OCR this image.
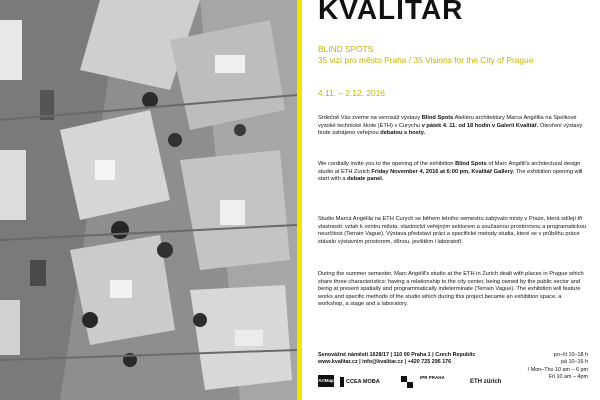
KVALITAR
BLIND SPOTS
35 vizí pro město Praha / 35 Visions for the City of Prague
4.11. – 2.12. 2016
Srdečně Vás zveme na vernisáž výstavy Blind Spots Ateliéru architektury Marca Angélila na Spolkové vysoké technické škole (ETH) v Curychu v pátek 4. 11. od 18 hodin v Galerii Kvalitář. Otevření výstavy bude zahájeno veřejnou debatou s hosty.
We cordially invite you to the opening of the exhibition Blind Spots of Marc Angélil's architectural design studio at ETH Zurich Friday November 4, 2016 at 6:00 pm, Kvalitář Gallery. The exhibition opening will start with a debate panel.
Studio Marca Angélila na ETH Curych se během letního semestru zabývalo místy v Praze, která sdílejí tři vlastnosti: vztah k centru města, vlastnictví veřejným sektorem a současnou prostorovou a programatickou neurčitost (Terrain Vague). Výstava představí práci a specifické metody studia, které se v průběhu práce stávalo výstavním prostorem, dílnou, jevištěm i laboratoří.
During the summer semester, Marc Angélil's studio at the ETH in Zurich dealt with places in Prague which share three characteristics: having a relationship to the city center, being owned by the public sector and being at present spatially and programmatically indeterminate (Terrain Vague). The exhibition will feature works and specific methods of the studio which during this project became an exhibition space, a workshop, a stage and a laboratory.
Senovážné náměstí 1628/17 | 110 00 Praha 1 | Czech Republic
www.kvalitar.cz | info@kvalitar.cz | +420 725 296 176
po–čt 10–18 h
pá 10–16 h
/ Mon–Thu 10 am – 6 pm
Fri 10 am – 4pm
ArtMap CCEA MOBA
IPR PRAHA
ETH zürich
